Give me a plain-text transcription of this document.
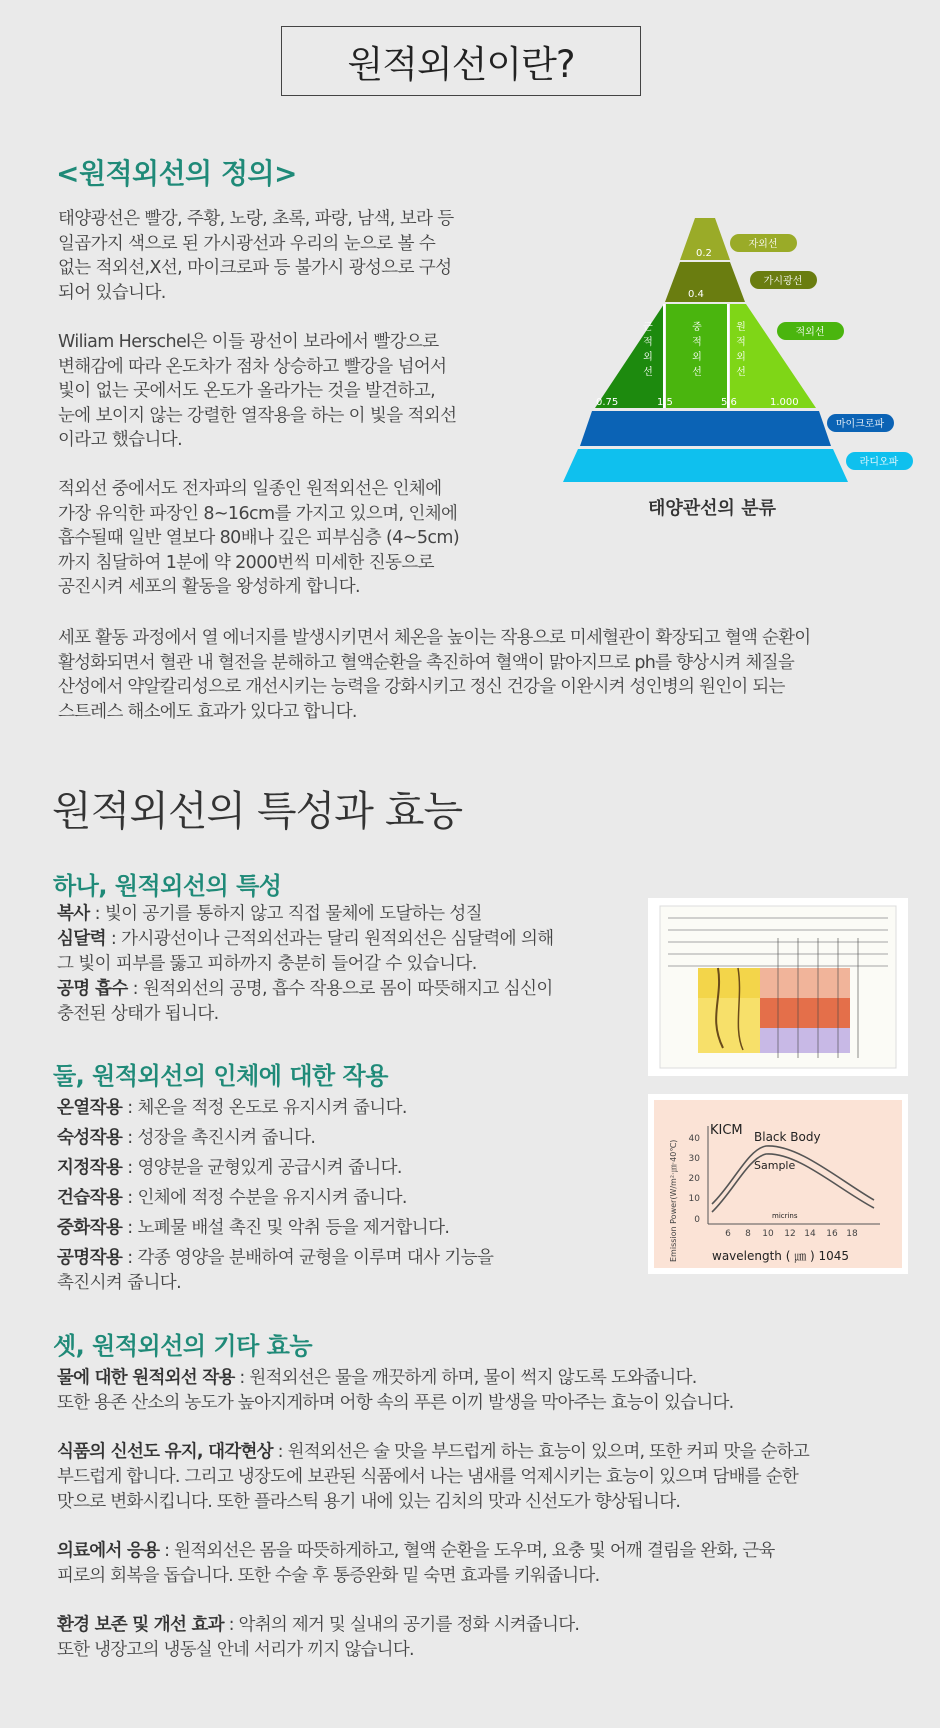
원적외선이란?
<원적외선의 정의>

태양광선은 빨강, 주황, 노랑, 초록, 파랑, 남색, 보라 등
일곱가지 색으로 된 가시광선과 우리의 눈으로 볼 수
없는 적외선,X선, 마이크로파 등 불가시 광성으로 구성
되어 있습니다.

Wiliam Herschel은 이들 광선이 보라에서 빨강으로
변해감에 따라 온도차가 점차 상승하고 빨강을 넘어서
빛이 없는 곳에서도 온도가 올라가는 것을 발견하고,
눈에 보이지 않는 강렬한 열작용을 하는 이 빛을 적외선
이라고 했습니다.

적외선 중에서도 전자파의 일종인 원적외선은 인체에
가장 유익한 파장인 8~16cm를 가지고 있으며, 인체에
흡수될때 일반 열보다 80배나 깊은 피부심층 (4~5cm)
까지 침달하여 1분에 약 2000번씩 미세한 진동으로
공진시켜 세포의 활동을 왕성하게 합니다.

세포 활동 과정에서 열 에너지를 발생시키면서 체온을 높이는 작용으로 미세혈관이 확장되고 혈액 순환이
활성화되면서 혈관 내 혈전을 분해하고 혈액순환을 촉진하여 혈액이 맑아지므로 ph를 향상시켜 체질을
산성에서 약알칼리성으로 개선시키는 능력을 강화시키고 정신 건강을 이완시켜 성인병의 원인이 되는
스트레스 해소에도 효과가 있다고 합니다.

0.2
0.4
0.75	1.5	5.6	1.000
근
적
외
선
중
적
외
선
원
적
외
선
자외선
가시광선
적외선
마이크로파
라디오파
태양관선의 분류
원적외선의 특성과 효능
하나, 원적외선의 특성
복사 : 빛이 공기를 통하지 않고 직접 물체에 도달하는 성질
심달력 : 가시광선이나 근적외선과는 달리 원적외선은 심달력에 의해
그 빛이 피부를 뚫고 피하까지 충분히 들어갈 수 있습니다.
공명 흡수 : 원적외선의 공명, 흡수 작용으로 몸이 따뜻해지고 심신이
충전된 상태가 됩니다.
둘, 원적외선의 인체에 대한 작용
온열작용 : 체온을 적정 온도로 유지시켜 줍니다.
숙성작용 : 성장을 촉진시켜 줍니다.
지정작용 : 영양분을 균형있게 공급시켜 줍니다.
건습작용 : 인체에 적정 수분을 유지시켜 줍니다.
중화작용 : 노폐물 배설 촉진 및 악취 등을 제거합니다.
공명작용 : 각종 영양을 분배하여 균형을 이루며 대사 기능을
촉진시켜 줍니다.
셋, 원적외선의 기타 효능
물에 대한 원적외선 작용 : 원적외선은 물을 깨끗하게 하며, 물이 썩지 않도록 도와줍니다.
또한 용존 산소의 농도가 높아지게하며 어항 속의 푸른 이끼 발생을 막아주는 효능이 있습니다.
식품의 신선도 유지, 대각현상 : 원적외선은 술 맛을 부드럽게 하는 효능이 있으며, 또한 커피 맛을 순하고
부드럽게 합니다. 그리고 냉장도에 보관된 식품에서 나는 냄새를 억제시키는 효능이 있으며 담배를 순한
맛으로 변화시킵니다. 또한 플라스틱 용기 내에 있는 김치의 맛과 신선도가 향상됩니다.
의료에서 응용 : 원적외선은 몸을 따뜻하게하고, 혈액 순환을 도우며, 요충 및 어깨 결림을 완화, 근육
피로의 회복을 돕습니다. 또한 수술 후 통증완화 밑 숙면 효과를 키워줍니다.
환경 보존 및 개선 효과 : 악취의 제거 및 실내의 공기를 정화 시켜줍니다.
또한 냉장고의 냉동실 안네 서리가 끼지 않습니다.
Emission Power(W/m²·㎛·40℃)
40
30
20
10
0
KICM Black Body
Sample
6 8 10 12 14 16 18
micrins
wavelength ( ㎛ ) 1045
